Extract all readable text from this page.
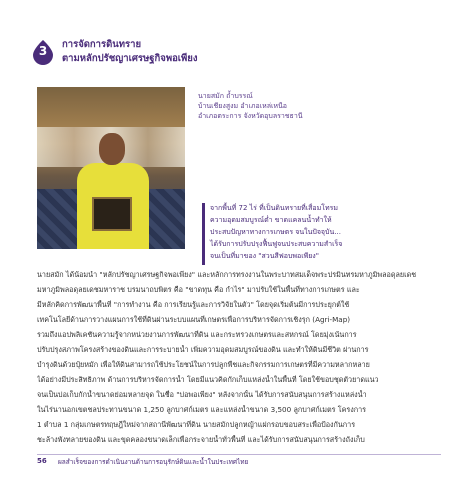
3	การจัดการดินทราย
ตามหลักปรัชญาเศรษฐกิจพอเพียง
นายสมัก ถ้ำบรรณ์
บ้านเชียงสูงม อำเภอเหล่เหนือ
อำเภอตระการ จังหวัดอุบลราชธานี
จากพื้นที่ 72 ไร่ ที่เป็นดินทรายที่เสื่อมโทรม
ความอุดมสมบูรณ์ต่ำ ขาดแคลนน้ำทำให้
ประสบปัญหาทางการเกษตร จนในปัจจุบัน...
ได้รับการปรับปรุงฟื้นฟูจนประสบความสำเร็จ
จนเป็นที่มาของ "สวนสีฟอบพอเพียง"
นายสมัก ได้น้อมนำ "หลักปรัชญาเศรษฐกิจพอเพียง" และหลักการทรงงานในพระบาทสมเด็จพระปรมินทรมหาภูมิพลอดุลยเดช
มหาภูมิพลอดุลยเดชมหาราช บรมนาถบพิตร คือ "ขาดทุน คือ กำไร" มาปรับใช้ในพื้นที่ทางการเกษตร และ
มีหลักคิดการพัฒนาพื้นที่ "การทำงาน คือ การเรียนรู้และการวิจัยในตัว" โดยจุดเริ่มต้นมีการประยุกต์ใช้
เทคโนโลยีด้านการวางแผนการใช้ที่ดินผ่านระบบแผนที่เกษตรเพื่อการบริหารจัดการเชิงรุก (Agri-Map)
รวมถึงแอปพลิเคชันความรู้จากหน่วยงานการพัฒนาที่ดิน และกระทรวงเกษตรและสหกรณ์ โดยมุ่งเน้นการ
ปรับปรุงสภาพโครงสร้างของดินและการระบายน้ำ เพิ่มความอุดมสมบูรณ์ของดิน และทำให้ดินมีชีวิต ผ่านการ
บำรุงดินด้วยปุ๋ยหมัก เพื่อให้ดินสามารถใช้ประโยชน์ในการปลูกพืชและกิจกรรมการเกษตรที่มีความหลากหลาย
ได้อย่างมีประสิทธิภาพ ด้านการบริหารจัดการน้ำ โดยมีแนวคิดกักเก็บแหล่งน้ำในพื้นที่ โดยใช้ขอบชุดตัวยาดแนว
จนเป็นบ่อเก็บกักน้ำขนาดย่อมหลายจุด ในชื่อ "บ่อพอเพียง" หลังจากนั้น ได้รับการสนับสนุนการสร้างแหล่งน้ำ
ในไร่นานอกเขตชลประทานขนาด 1,250 ลูกบาศก์เมตร และแหล่งน้ำขนาด 3,500 ลูกบาศก์เมตร โครงการ
1 ตำบล 1 กลุ่มเกษตรทฤษฎีใหม่จากสถานีพัฒนาที่ดิน นายสมักปลูกหญ้าแฝกรอบขอบสระเพื่อป้องกันการ
ชะล้างพังทลายของดิน และขุดคลองขนาดเล็กเพื่อกระจายน้ำทั่วพื้นที่ และได้รับการสนับสนุนการสร้างถังเก็บ
56 ผลสำเร็จของการดำเนินงานด้านการอนุรักษ์ดินและน้ำในประเทศไทย
